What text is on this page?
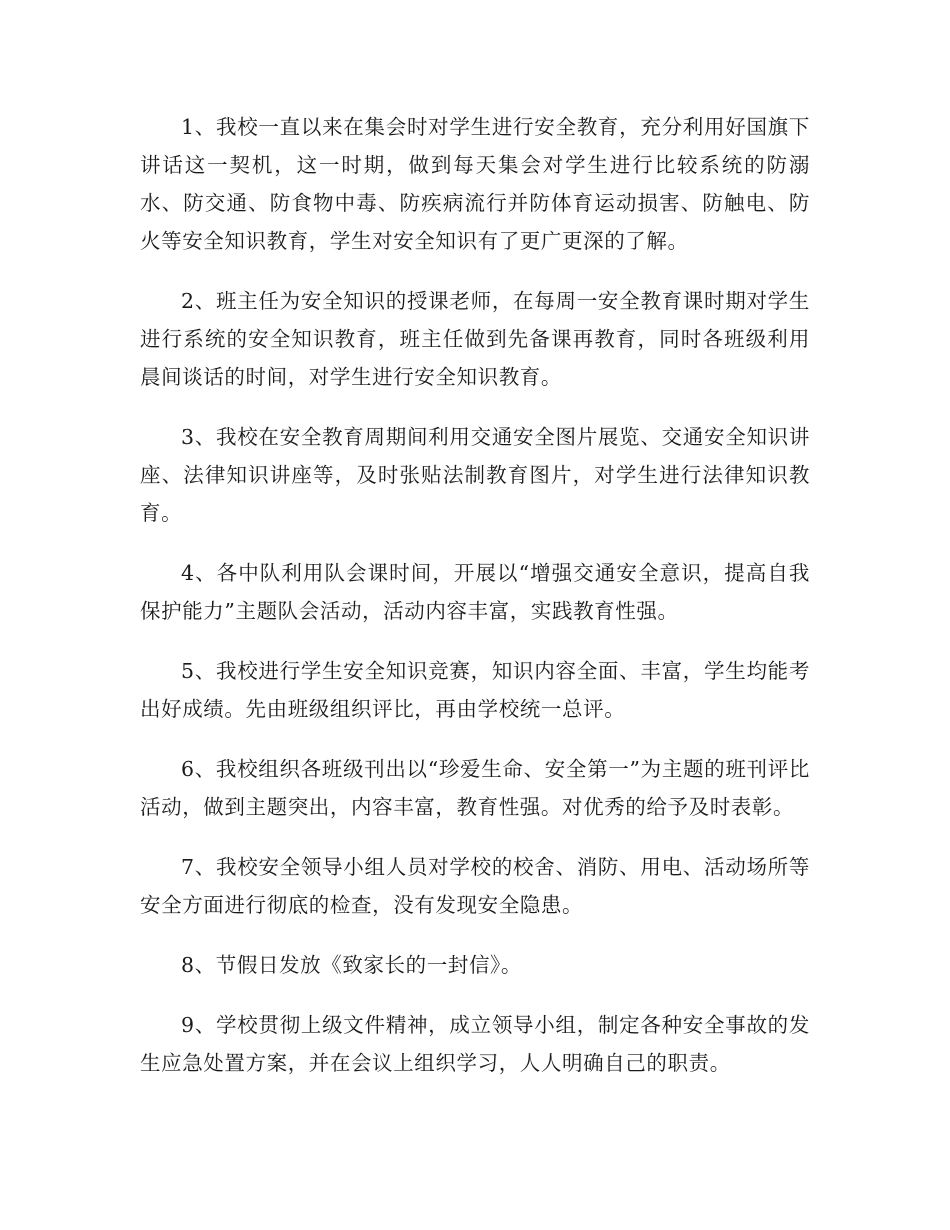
1、我校一直以来在集会时对学生进行安全教育，充分利用好国旗下讲话这一契机，这一时期，做到每天集会对学生进行比较系统的防溺水、防交通、防食物中毒、防疾病流行并防体育运动损害、防触电、防火等安全知识教育，学生对安全知识有了更广更深的了解。

2、班主任为安全知识的授课老师，在每周一安全教育课时期对学生进行系统的安全知识教育，班主任做到先备课再教育，同时各班级利用晨间谈话的时间，对学生进行安全知识教育。

3、我校在安全教育周期间利用交通安全图片展览、交通安全知识讲座、法律知识讲座等，及时张贴法制教育图片，对学生进行法律知识教育。

4、各中队利用队会课时间，开展以“增强交通安全意识，提高自我保护能力”主题队会活动，活动内容丰富，实践教育性强。

5、我校进行学生安全知识竞赛，知识内容全面、丰富，学生均能考出好成绩。先由班级组织评比，再由学校统一总评。

6、我校组织各班级刊出以“珍爱生命、安全第一”为主题的班刊评比活动，做到主题突出，内容丰富，教育性强。对优秀的给予及时表彰。

7、我校安全领导小组人员对学校的校舍、消防、用电、活动场所等安全方面进行彻底的检查，没有发现安全隐患。

8、节假日发放《致家长的一封信》。

9、学校贯彻上级文件精神，成立领导小组，制定各种安全事故的发生应急处置方案，并在会议上组织学习，人人明确自己的职责。
